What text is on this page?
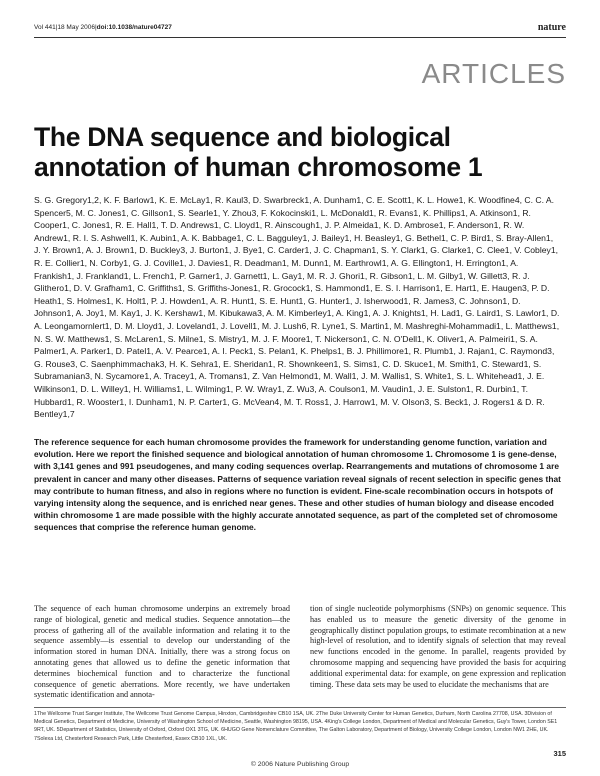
Vol 441|18 May 2006|doi:10.1038/nature04727	nature
ARTICLES
The DNA sequence and biological annotation of human chromosome 1
S. G. Gregory1,2, K. F. Barlow1, K. E. McLay1, R. Kaul3, D. Swarbreck1, A. Dunham1, C. E. Scott1, K. L. Howe1, K. Woodfine4, C. C. A. Spencer5, M. C. Jones1, C. Gillson1, S. Searle1, Y. Zhou3, F. Kokocinski1, L. McDonald1, R. Evans1, K. Phillips1, A. Atkinson1, R. Cooper1, C. Jones1, R. E. Hall1, T. D. Andrews1, C. Lloyd1, R. Ainscough1, J. P. Almeida1, K. D. Ambrose1, F. Anderson1, R. W. Andrew1, R. I. S. Ashwell1, K. Aubin1, A. K. Babbage1, C. L. Bagguley1, J. Bailey1, H. Beasley1, G. Bethel1, C. P. Bird1, S. Bray-Allen1, J. Y. Brown1, A. J. Brown1, D. Buckley3, J. Burton1, J. Bye1, C. Carder1, J. C. Chapman1, S. Y. Clark1, G. Clarke1, C. Clee1, V. Cobley1, R. E. Collier1, N. Corby1, G. J. Coville1, J. Davies1, R. Deadman1, M. Dunn1, M. Earthrowl1, A. G. Ellington1, H. Errington1, A. Frankish1, J. Frankland1, L. French1, P. Garner1, J. Garnett1, L. Gay1, M. R. J. Ghori1, R. Gibson1, L. M. Gilby1, W. Gillett3, R. J. Glithero1, D. V. Grafham1, C. Griffiths1, S. Griffiths-Jones1, R. Grocock1, S. Hammond1, E. S. I. Harrison1, E. Hart1, E. Haugen3, P. D. Heath1, S. Holmes1, K. Holt1, P. J. Howden1, A. R. Hunt1, S. E. Hunt1, G. Hunter1, J. Isherwood1, R. James3, C. Johnson1, D. Johnson1, A. Joy1, M. Kay1, J. K. Kershaw1, M. Kibukawa3, A. M. Kimberley1, A. King1, A. J. Knights1, H. Lad1, G. Laird1, S. Lawlor1, D. A. Leongamornlert1, D. M. Lloyd1, J. Loveland1, J. Lovell1, M. J. Lush6, R. Lyne1, S. Martin1, M. Mashreghi-Mohammadi1, L. Matthews1, N. S. W. Matthews1, S. McLaren1, S. Milne1, S. Mistry1, M. J. F. Moore1, T. Nickerson1, C. N. O'Dell1, K. Oliver1, A. Palmeiri1, S. A. Palmer1, A. Parker1, D. Patel1, A. V. Pearce1, A. I. Peck1, S. Pelan1, K. Phelps1, B. J. Phillimore1, R. Plumb1, J. Rajan1, C. Raymond3, G. Rouse3, C. Saenphimmachak3, H. K. Sehra1, E. Sheridan1, R. Shownkeen1, S. Sims1, C. D. Skuce1, M. Smith1, C. Steward1, S. Subramanian3, N. Sycamore1, A. Tracey1, A. Tromans1, Z. Van Helmond1, M. Wall1, J. M. Wallis1, S. White1, S. L. Whitehead1, J. E. Wilkinson1, D. L. Willey1, H. Williams1, L. Wilming1, P. W. Wray1, Z. Wu3, A. Coulson1, M. Vaudin1, J. E. Sulston1, R. Durbin1, T. Hubbard1, R. Wooster1, I. Dunham1, N. P. Carter1, G. McVean4, M. T. Ross1, J. Harrow1, M. V. Olson3, S. Beck1, J. Rogers1 & D. R. Bentley1,7
The reference sequence for each human chromosome provides the framework for understanding genome function, variation and evolution. Here we report the finished sequence and biological annotation of human chromosome 1. Chromosome 1 is gene-dense, with 3,141 genes and 991 pseudogenes, and many coding sequences overlap. Rearrangements and mutations of chromosome 1 are prevalent in cancer and many other diseases. Patterns of sequence variation reveal signals of recent selection in specific genes that may contribute to human fitness, and also in regions where no function is evident. Fine-scale recombination occurs in hotspots of varying intensity along the sequence, and is enriched near genes. These and other studies of human biology and disease encoded within chromosome 1 are made possible with the highly accurate annotated sequence, as part of the completed set of chromosome sequences that comprise the reference human genome.
The sequence of each human chromosome underpins an extremely broad range of biological, genetic and medical studies. Sequence annotation—the process of gathering all of the available information and relating it to the sequence assembly—is essential to develop our understanding of the information stored in human DNA. Initially, there was a strong focus on annotating genes that allowed us to define the genetic information that determines biochemical function and to characterize the functional consequence of genetic aberrations. More recently, we have undertaken systematic identification and annota-
tion of single nucleotide polymorphisms (SNPs) on genomic sequence. This has enabled us to measure the genetic diversity of the genome in geographically distinct population groups, to estimate recombination at a new high-level of resolution, and to identify signals of selection that may reveal new functions encoded in the genome. In parallel, reagents provided by chromosome mapping and sequencing have provided the basis for acquiring additional experimental data: for example, on gene expression and replication timing. These data sets may be used to elucidate the mechanisms that are
1The Wellcome Trust Sanger Institute, The Wellcome Trust Genome Campus, Hinxton, Cambridgeshire CB10 1SA, UK. 2The Duke University Center for Human Genetics, Durham, North Carolina 27708, USA. 3Division of Medical Genetics, Department of Medicine, University of Washington School of Medicine, Seattle, Washington 98195, USA. 4King's College London, Department of Medical and Molecular Genetics, Guy's Tower, London SE1 9RT, UK. 5Department of Statistics, University of Oxford, Oxford OX1 3TG, UK. 6HUGO Gene Nomenclature Committee, The Galton Laboratory, Department of Biology, University College London, London NW1 2HE, UK. 7Solexa Ltd, Chesterford Research Park, Little Chesterford, Essex CB10 1XL, UK.
315
© 2006 Nature Publishing Group
